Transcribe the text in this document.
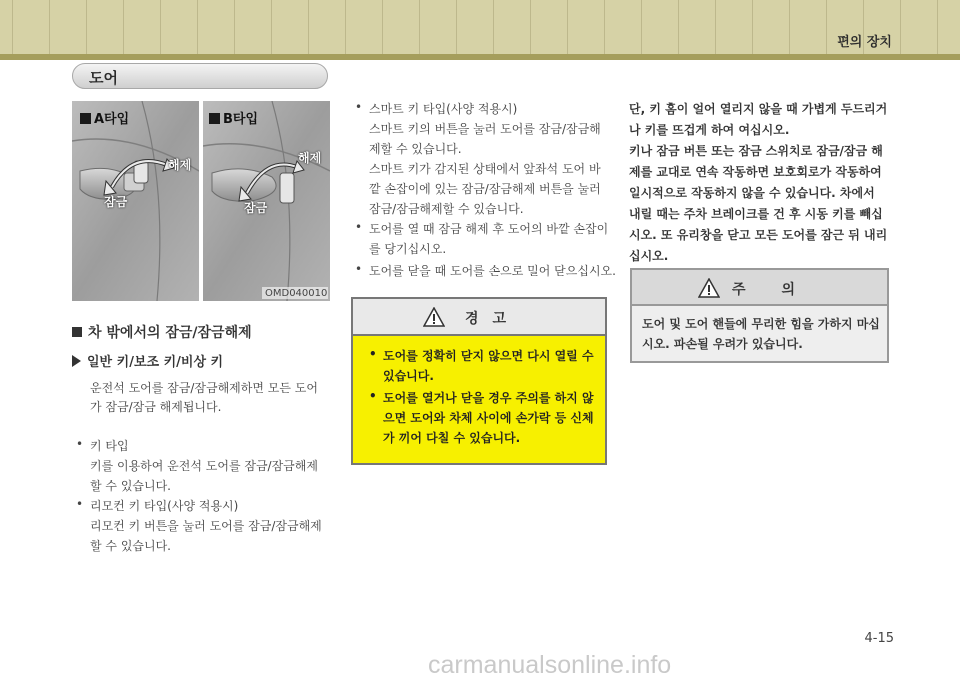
편의 장치
도어
A타입	B타입
해제
잠금
해제
잠금
OMD040010
차 밖에서의 잠금/잠금해제
일반 키/보조 키/비상 키
운전석 도어를 잠금/잠금해제하면 모든 도어
가 잠금/잠금 해제됩니다.
• 키 타입
키를 이용하여 운전석 도어를 잠금/잠금해제
할 수 있습니다.
• 리모컨 키 타입(사양 적용시)
리모컨 키 버튼을 눌러 도어를 잠금/잠금해제
할 수 있습니다.
• 스마트 키 타입(사양 적용시)
스마트 키의 버튼을 눌러 도어를 잠금/잠금해
제할 수 있습니다.
스마트 키가 감지된 상태에서 앞좌석 도어 바
깥 손잡이에 있는 잠금/잠금해제 버튼을 눌러
잠금/잠금해제할 수 있습니다.
• 도어를 열 때 잠금 해제 후 도어의 바깥 손잡이
를 당기십시오.
• 도어를 닫을 때 도어를 손으로 밀어 닫으십시오.
경고
• 도어를 정확히 닫지 않으면 다시 열릴 수
있습니다.
• 도어를 열거나 닫을 경우 주의를 하지 않
으면 도어와 차체 사이에 손가락 등 신체
가 끼어 다칠 수 있습니다.
단, 키 홈이 얼어 열리지 않을 때 가볍게 두드리거
나 키를 뜨겁게 하여 여십시오.
키나 잠금 버튼 또는 잠금 스위치로 잠금/잠금 해
제를 교대로 연속 작동하면 보호회로가 작동하여
일시적으로 작동하지 않을 수 있습니다. 차에서
내릴 때는 주차 브레이크를 건 후 시동 키를 빼십
시오. 또 유리창을 닫고 모든 도어를 잠근 뒤 내리
십시오.
주의
도어 및 도어 핸들에 무리한 힘을 가하지 마십
시오. 파손될 우려가 있습니다.
4-15
carmanualsonline.info
